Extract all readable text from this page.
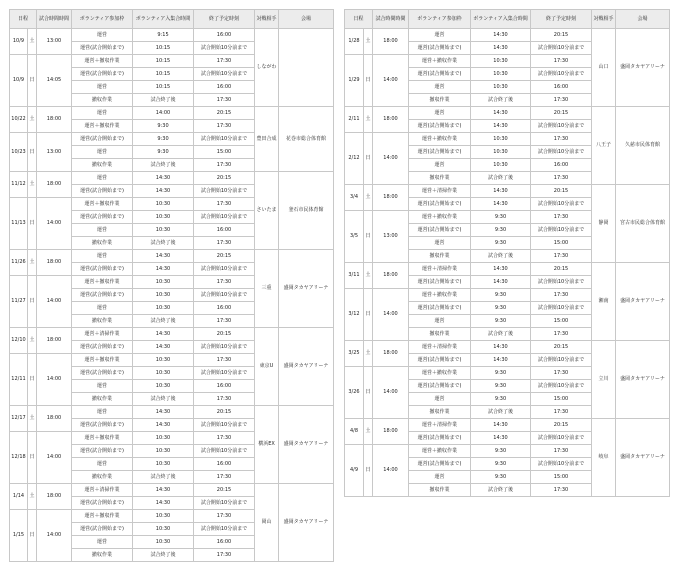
日程		試合時間時間	ボランティア参加枠	ボランティア入集合時間	終了予定時刻	対戦相手	会場
10/9	土	13:00	運営	9:15	16:00	しながわ	
			運営(試合開始まで)	10:15	試合開始10分前まで		
10/9	日	14:05	運営＋撤収作業	10:15	17:30		
			運営(試合開始まで)	10:15	試合開始10分前まで		
			運営	10:15	16:00		
			撤収作業	試合終了後	17:30		
10/22	土	18:00	運営	14:00	20:15	豊田合成	花巻市総合体育館
			運営＋撤収作業	9:30	17:30		
10/23	日	13:00	運営(試合開始まで)	9:30	試合開始10分前まで		
			運営	9:30	15:00		
			撤収作業	試合終了後	17:30		
11/12	土	18:00	運営	14:30	20:15	さいたま	釜石市民体育館
			運営(試合開始まで)	14:30	試合開始10分前まで		
11/13	日	14:00	運営＋撤収作業	10:30	17:30		
			運営(試合開始まで)	10:30	試合開始10分前まで		
			運営	10:30	16:00		
			撤収作業	試合終了後	17:30		
11/26	土	18:00	運営	14:30	20:15	三重	盛岡タカヤアリーナ
			運営(試合開始まで)	14:30	試合開始10分前まで		
11/27	日	14:00	運営＋撤収作業	10:30	17:30		
			運営(試合開始まで)	10:30	試合開始10分前まで		
			運営	10:30	16:00		
			撤収作業	試合終了後	17:30		
12/10	土	18:00	運営＋清掃作業	14:30	20:15	東京U	盛岡タカヤアリーナ
			運営(試合開始まで)	14:30	試合開始10分前まで		
12/11	日	14:00	運営＋撤収作業	10:30	17:30		
			運営(試合開始まで)	10:30	試合開始10分前まで		
			運営	10:30	16:00		
			撤収作業	試合終了後	17:30		
12/17	土	18:00	運営	14:30	20:15	横浜EX	盛岡タカヤアリーナ
			運営(試合開始まで)	14:30	試合開始10分前まで		
12/18	日	14:00	運営＋撤収作業	10:30	17:30		
			運営(試合開始まで)	10:30	試合開始10分前まで		
			運営	10:30	16:00		
			撤収作業	試合終了後	17:30		
1/14	土	18:00	運営＋清掃作業	14:30	20:15	岡山	盛岡タカヤアリーナ
			運営(試合開始まで)	14:30	試合開始10分前まで		
1/15	日	14:00	運営＋撤収作業	10:30	17:30		
			運営(試合開始まで)	10:30	試合開始10分前まで		
			運営	10:30	16:00		
			撤収作業	試合終了後	17:30		
日程		試合時間時間	ボランティア参加枠	ボランティア入集合時間	終了予定時刻	対戦相手	会場
1/28	土	18:00	運営	14:30	20:15	山口	盛岡タカヤアリーナ
			運営(試合開始まで)	14:30	試合開始10分前まで		
1/29	日	14:00	運営＋撤収作業	10:30	17:30		
			運営(試合開始まで)	10:30	試合開始10分前まで		
			運営	10:30	16:00		
			撤収作業	試合終了後	17:30		
2/11	土	18:00	運営	14:30	20:15	八王子	久慈市民体育館
			運営(試合開始まで)	14:30	試合開始10分前まで		
2/12	日	14:00	運営＋撤収作業	10:30	17:30		
			運営(試合開始まで)	10:30	試合開始10分前まで		
			運営	10:30	16:00		
			撤収作業	試合終了後	17:30		
3/4	土	18:00	運営＋清掃作業	14:30	20:15	静岡	宮古市民総合体育館
			運営(試合開始まで)	14:30	試合開始10分前まで		
3/5	日	13:00	運営＋撤収作業	9:30	17:30		
			運営(試合開始まで)	9:30	試合開始10分前まで		
			運営	9:30	15:00		
			撤収作業	試合終了後	17:30		
3/11	土	18:00	運営＋清掃作業	14:30	20:15	湘南	盛岡タカヤアリーナ
			運営(試合開始まで)	14:30	試合開始10分前まで		
3/12	日	14:00	運営＋撤収作業	9:30	17:30		
			運営(試合開始まで)	9:30	試合開始10分前まで		
			運営	9:30	15:00		
			撤収作業	試合終了後	17:30		
3/25	土	18:00	運営＋清掃作業	14:30	20:15	立川	盛岡タカヤアリーナ
			運営(試合開始まで)	14:30	試合開始10分前まで		
3/26	日	14:00	運営＋撤収作業	9:30	17:30		
			運営(試合開始まで)	9:30	試合開始10分前まで		
			運営	9:30	15:00		
			撤収作業	試合終了後	17:30		
4/8	土	18:00	運営＋清掃作業	14:30	20:15	岐阜	盛岡タカヤアリーナ
			運営(試合開始まで)	14:30	試合開始10分前まで		
4/9	日	14:00	運営＋撤収作業	9:30	17:30		
			運営(試合開始まで)	9:30	試合開始10分前まで		
			運営	9:30	15:00		
			撤収作業	試合終了後	17:30		
